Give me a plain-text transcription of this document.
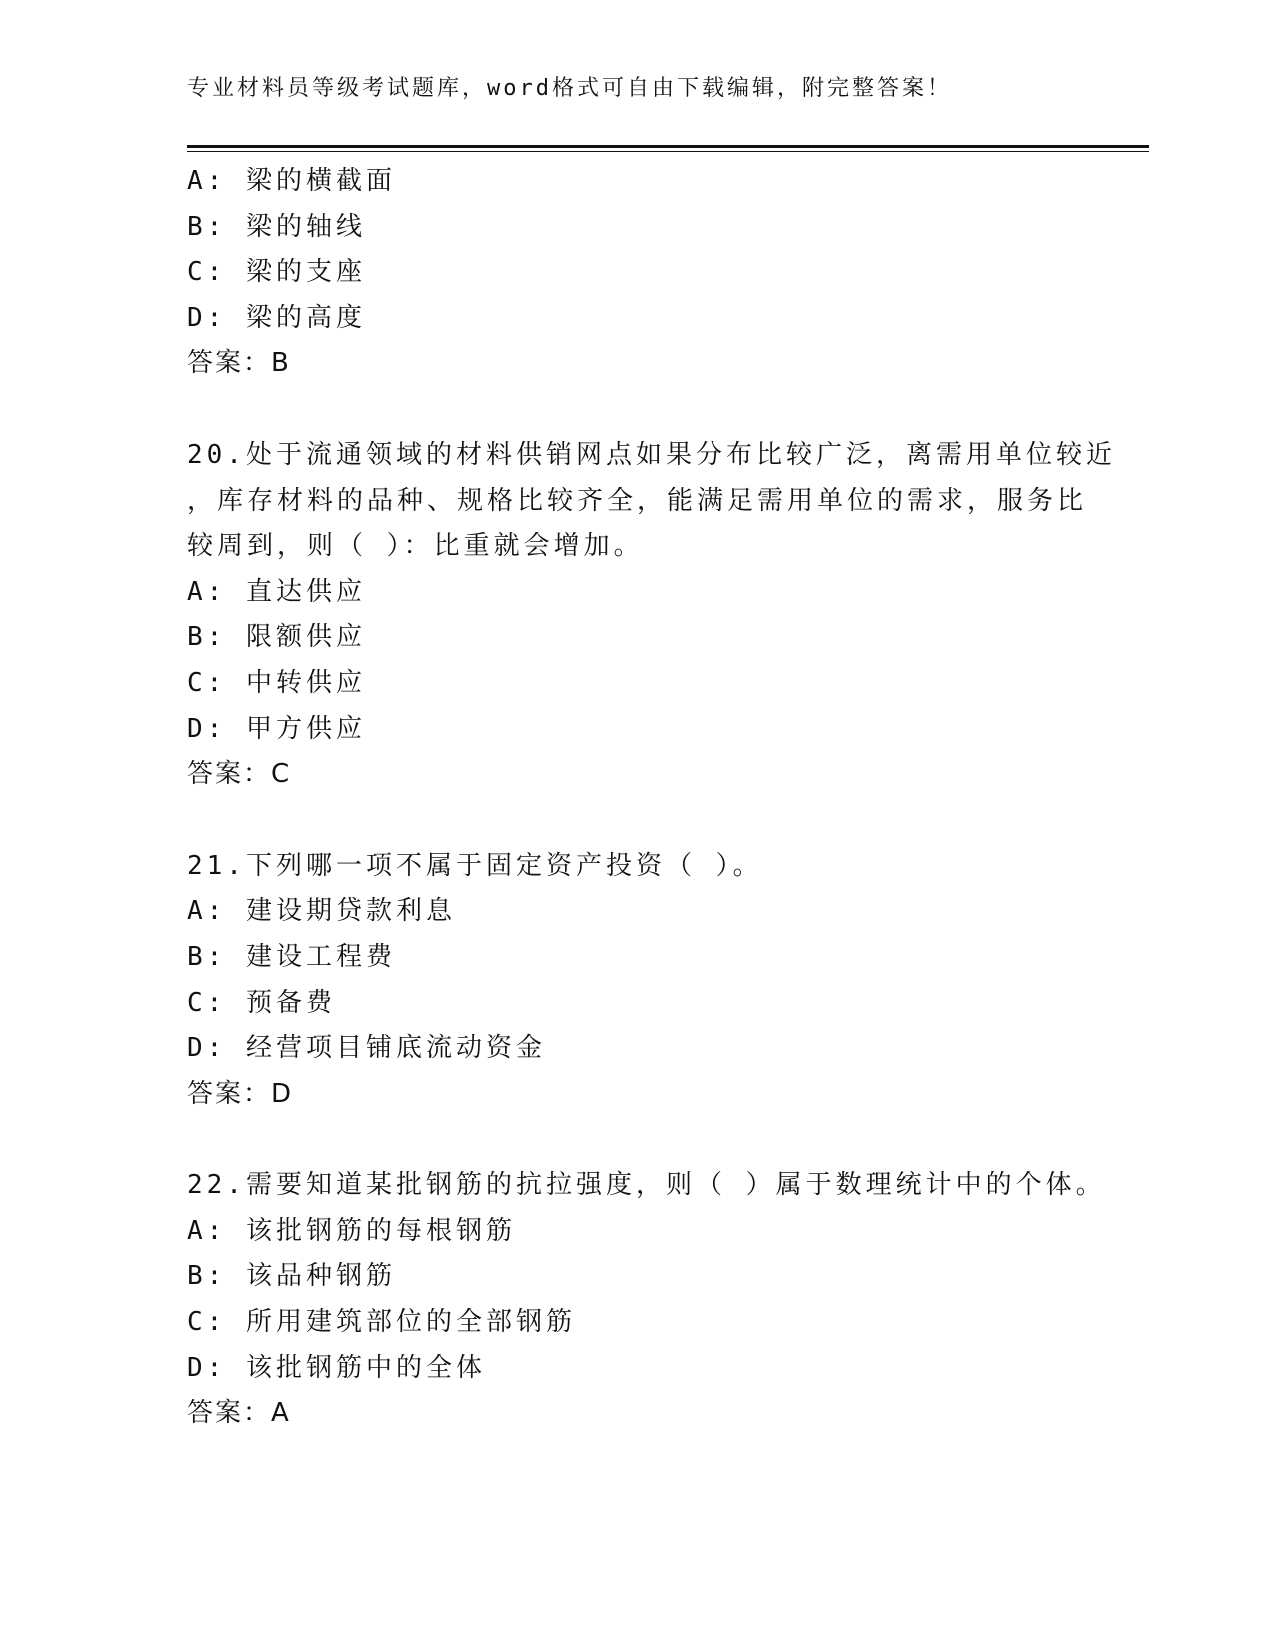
专业材料员等级考试题库，word格式可自由下载编辑，附完整答案！
A: 梁的横截面
B: 梁的轴线
C: 梁的支座
D: 梁的高度
答案：B
20.处于流通领域的材料供销网点如果分布比较广泛，离需用单位较近
，库存材料的品种、规格比较齐全，能满足需用单位的需求，服务比
较周到，则（ ）：比重就会增加。
A: 直达供应
B: 限额供应
C: 中转供应
D: 甲方供应
答案：C
21.下列哪一项不属于固定资产投资（ ）。
A: 建设期贷款利息
B: 建设工程费
C: 预备费
D: 经营项目铺底流动资金
答案：D
22.需要知道某批钢筋的抗拉强度，则（ ）属于数理统计中的个体。
A: 该批钢筋的每根钢筋
B: 该品种钢筋
C: 所用建筑部位的全部钢筋
D: 该批钢筋中的全体
答案：A
